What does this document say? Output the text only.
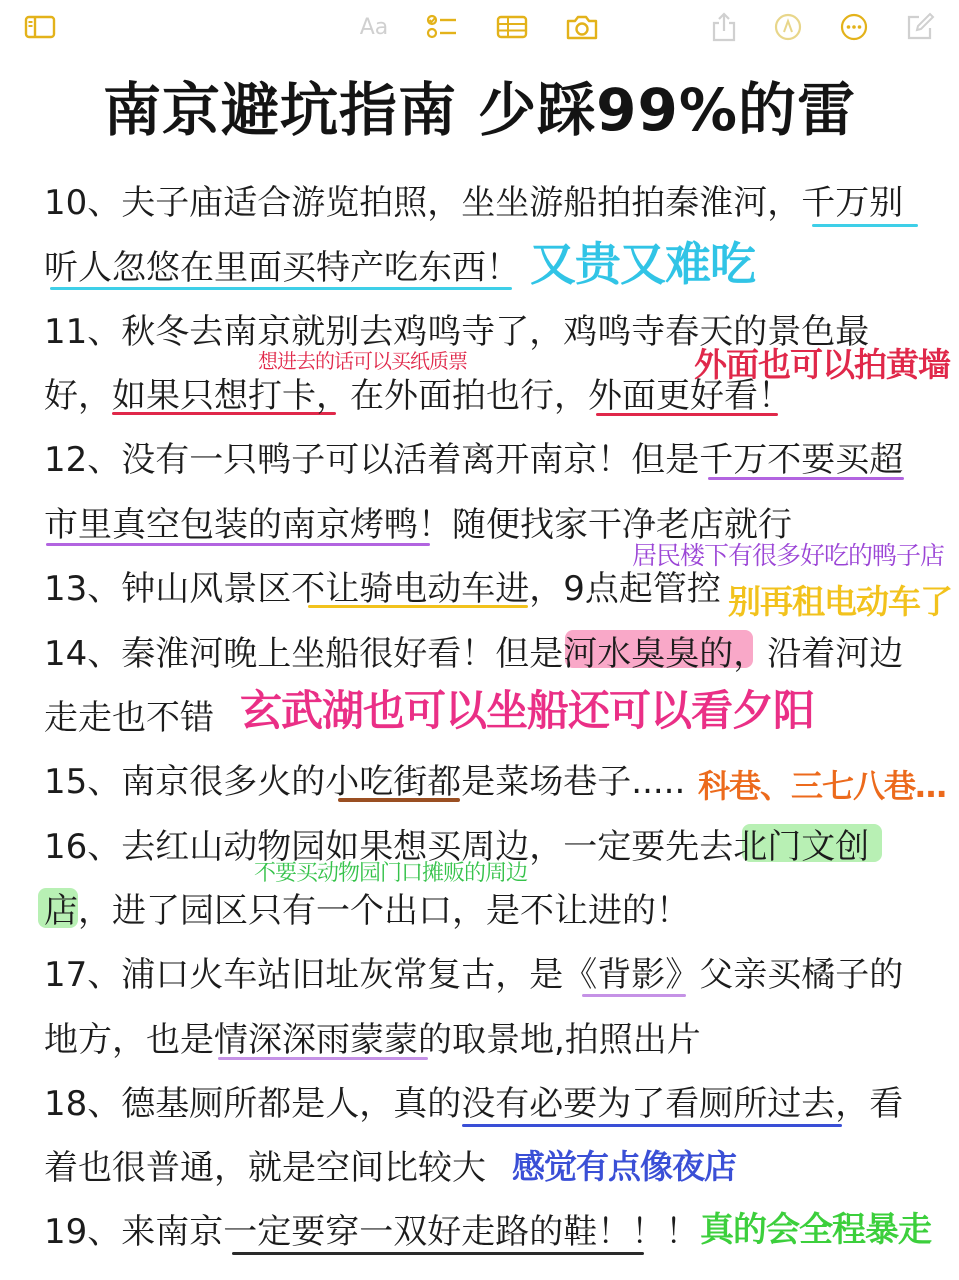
Aa
南京避坑指南 少踩99%的雷
10、夫子庙适合游览拍照，坐坐游船拍拍秦淮河，千万别
听人忽悠在里面买特产吃东西！
11、秋冬去南京就别去鸡鸣寺了，鸡鸣寺春天的景色最
好，如果只想打卡，在外面拍也行，外面更好看！
12、没有一只鸭子可以活着离开南京！但是千万不要买超
市里真空包装的南京烤鸭！随便找家干净老店就行
13、钟山风景区不让骑电动车进，9点起管控
14、秦淮河晚上坐船很好看！但是河水臭臭的，沿着河边
走走也不错
15、南京很多火的小吃街都是菜场巷子.....
16、去红山动物园如果想买周边，一定要先去北门文创
店，进了园区只有一个出口，是不让进的！
17、浦口火车站旧址灰常复古，是《背影》父亲买橘子的
地方，也是情深深雨蒙蒙的取景地,拍照出片
18、德基厕所都是人，真的没有必要为了看厕所过去，看
着也很普通，就是空间比较大
19、来南京一定要穿一双好走路的鞋！！！
又贵又难吃
想进去的话可以买纸质票	外面也可以拍黄墙
居民楼下有很多好吃的鸭子店
别再租电动车了
玄武湖也可以坐船还可以看夕阳
科巷、三七八巷…
不要买动物园门口摊贩的周边
感觉有点像夜店
真的会全程暴走
